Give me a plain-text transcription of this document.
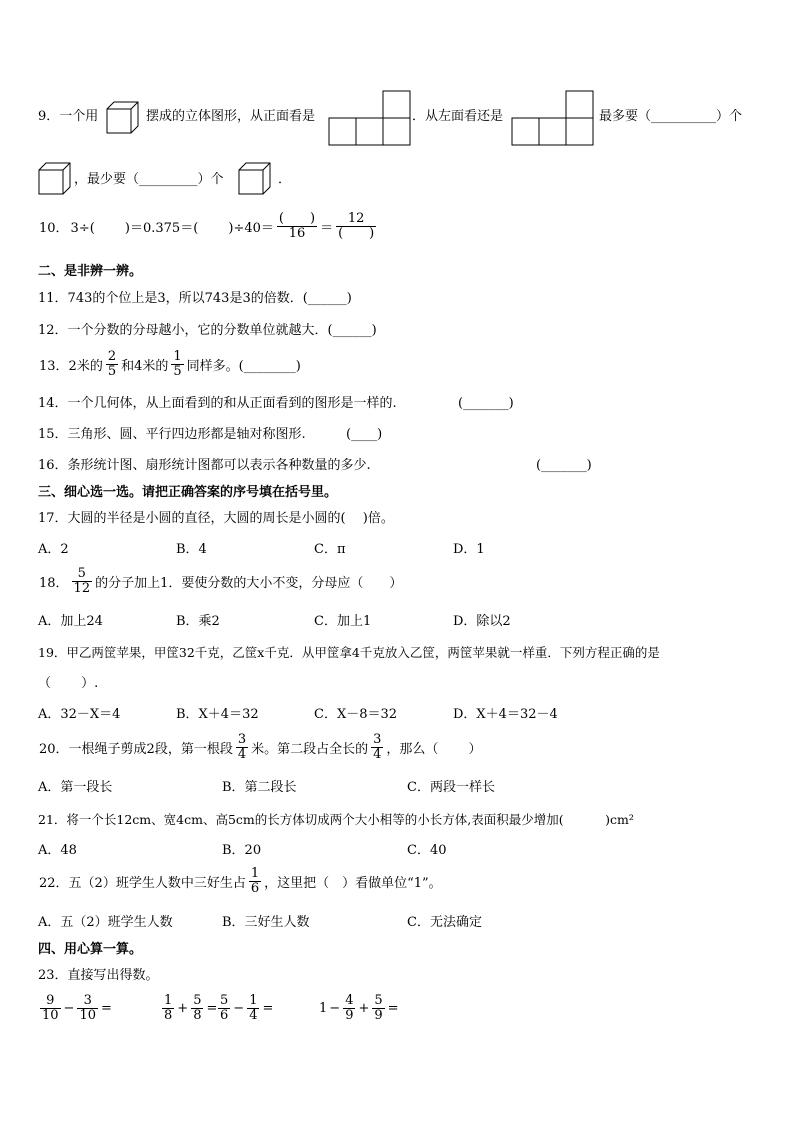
9．一个用	摆成的立体图形，从正面看是	．从左面看还是	最多要（__________）个
，最少要（_________）个	．
10． 3÷(　　 )＝0.375＝(　　 )$\div 40= \frac{( )}{16} = \frac{12}{( )}$
二、是非辨一辨。
11．743的个位上是3，所以743是3的倍数．(______)
12．一个分数的分母越小，它的分数单位就越大．(______)
13．2米的 $\frac{2}{5}$ 和4米的 $\frac{1}{5}$ 同样多。(________)
14．一个几何体，从上面看到的和从正面看到的图形是一样的.	(_______)
15．三角形、圆、平行四边形都是轴对称图形.	(____)
16．条形统计图、扇形统计图都可以表示各种数量的多少.	(_______)
三、细心选一选。请把正确答案的序号填在括号里。
17．大圆的半径是小圆的直径，大圆的周长是小圆的(　 )倍。
A．2	B．4	C．π	D．1
18． $\frac{5}{12}$ 的分子加上1．要使分数的大小不变，分母应（　　）
A．加上24	B．乘2	C．加上1	D．除以2
19．甲乙两筐苹果，甲筐32千克，乙筐x千克．从甲筐拿4千克放入乙筐，两筐苹果就一样重．下列方程正确的是
（　　 ）.
A．32－X＝4	B．X＋4＝32	C．X－8＝32	D．X＋4＝32－4
20．一根绳子剪成2段，第一根段 $\frac{3}{4}$ 米。第二段占全长的 $\frac{3}{4}$ ，那么（　　 ）
A．第一段长	B．第二段长	C．两段一样长
21．将一个长12cm、宽4cm、高5cm的长方体切成两个大小相等的小长方体,表面积最少增加(　　　 )cm²
A．48	B．20	C．40
22．五（2）班学生人数中三好生占 $\frac{1}{6}$ ，这里把（　）看做单位“1”。
A．五（2）班学生人数	B．三好生人数	C．无法确定
四、用心算一算。
23．直接写出得数。
$\frac{9}{10} - \frac{3}{10}$ =	$\frac{1}{8} + \frac{5}{8} = \frac{5}{6} - \frac{1}{4}$ =	$1 - \frac{4}{9} + \frac{5}{9}$ =
